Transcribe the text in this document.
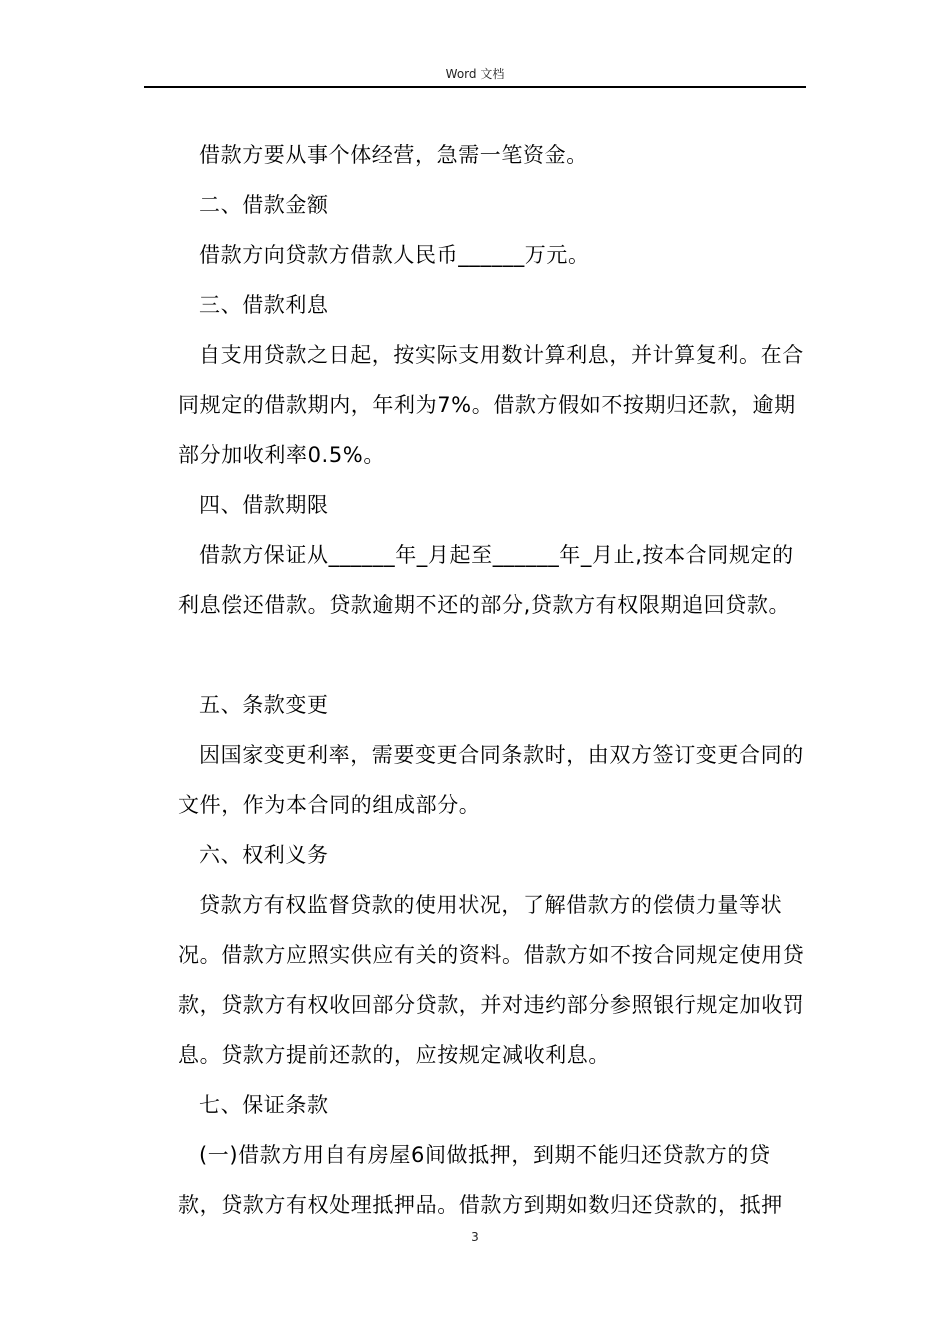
Word 文档

借款方要从事个体经营，急需一笔资金。

二、借款金额

借款方向贷款方借款人民币______万元。

三、借款利息

自支用贷款之日起，按实际支用数计算利息，并计算复利。在合同规定的借款期内，年利为7%。借款方假如不按期归还款，逾期部分加收利率0.5%。

四、借款期限

借款方保证从______年_月起至______年_月止,按本合同规定的利息偿还借款。贷款逾期不还的部分,贷款方有权限期追回贷款。

五、条款变更

因国家变更利率，需要变更合同条款时，由双方签订变更合同的文件，作为本合同的组成部分。

六、权利义务

贷款方有权监督贷款的使用状况，了解借款方的偿债力量等状况。借款方应照实供应有关的资料。借款方如不按合同规定使用贷款，贷款方有权收回部分贷款，并对违约部分参照银行规定加收罚息。贷款方提前还款的，应按规定减收利息。

七、保证条款

(一)借款方用自有房屋6间做抵押，到期不能归还贷款方的贷款，贷款方有权处理抵押品。借款方到期如数归还贷款的，抵押

3
